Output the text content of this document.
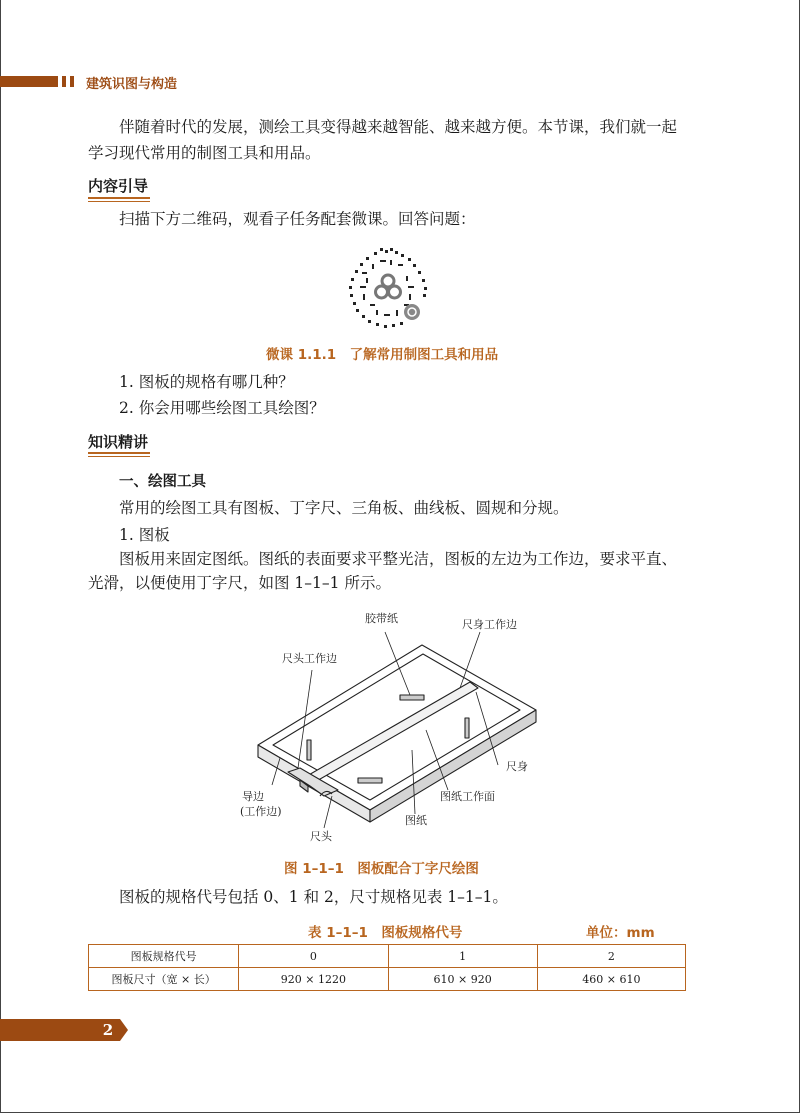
建筑识图与构造
伴随着时代的发展，测绘工具变得越来越智能、越来越方便。本节课，我们就一起
学习现代常用的制图工具和用品。
内容引导
扫描下方二维码，观看子任务配套微课。回答问题：
微课 1.1.1　了解常用制图工具和用品
1. 图板的规格有哪几种？
2. 你会用哪些绘图工具绘图？
知识精讲
一、绘图工具
常用的绘图工具有图板、丁字尺、三角板、曲线板、圆规和分规。
1. 图板
图板用来固定图纸。图纸的表面要求平整光洁，图板的左边为工作边，要求平直、
光滑，以便使用丁字尺，如图 1–1–1 所示。
胶带纸	尺身工作边
尺头工作边
尺身
导边
(工作边)
图纸工作面
图纸
尺头
图 1–1–1　图板配合丁字尺绘图
图板的规格代号包括 0、1 和 2，尺寸规格见表 1–1–1。
表 1–1–1　图板规格代号	单位：mm
图板规格代号	0	1	2
图板尺寸（宽 × 长）	920 × 1220	610 × 920	460 × 610
2
